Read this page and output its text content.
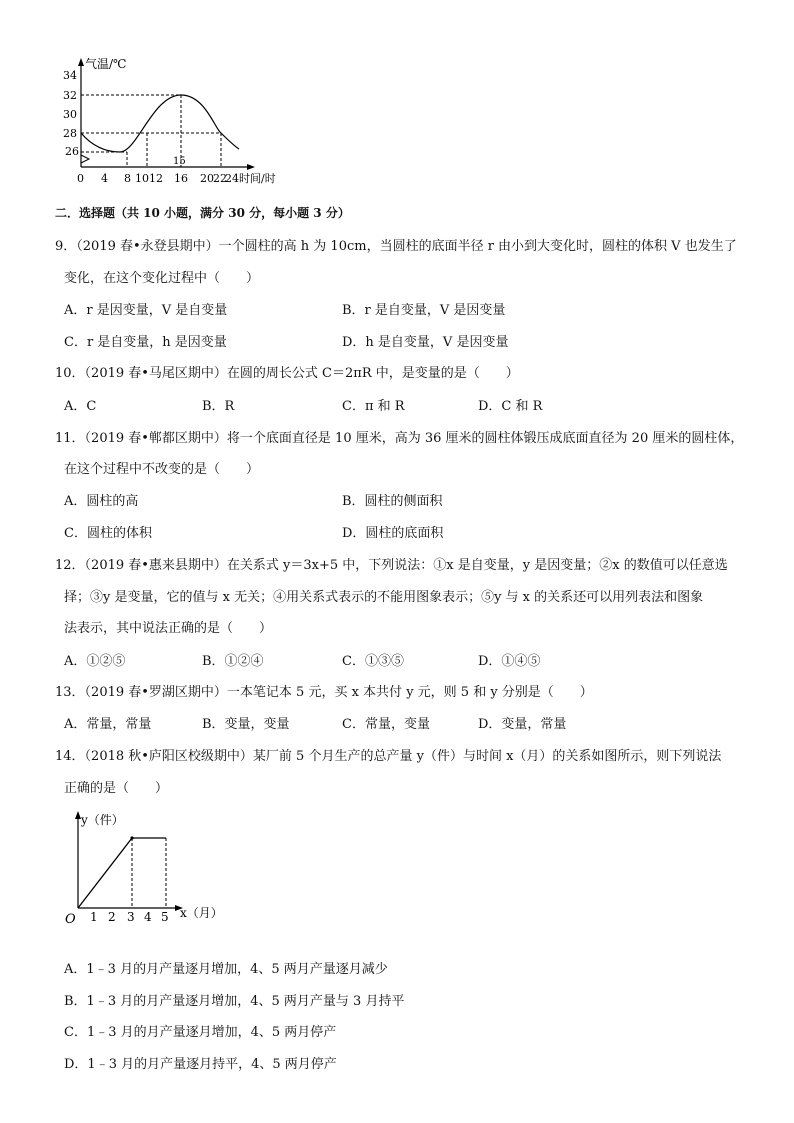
34
32
30
28
26
气温/℃
15
0 4 8 10 12 16 20 22
24 时间/时
二．选择题（共 10 小题，满分 30 分，每小题 3 分）
9．（2019 春•永登县期中）一个圆柱的高 h 为 10cm，当圆柱的底面半径 r 由小到大变化时，圆柱的体积 V 也发生了
变化，在这个变化过程中（　　）
A．r 是因变量，V 是自变量	B．r 是自变量，V 是因变量
C．r 是自变量，h 是因变量	D．h 是自变量，V 是因变量
10．（2019 春•马尾区期中）在圆的周长公式 C＝2πR 中，是变量的是（　　）
A．C	B．R	C．π 和 R	D．C 和 R
11．（2019 春•郸都区期中）将一个底面直径是 10 厘米，高为 36 厘米的圆柱体锻压成底面直径为 20 厘米的圆柱体，
在这个过程中不改变的是（　　）
A．圆柱的高	B．圆柱的侧面积
C．圆柱的体积	D．圆柱的底面积
12．（2019 春•惠来县期中）在关系式 y＝3x+5 中，下列说法：①x 是自变量，y 是因变量；②x 的数值可以任意选
择；③y 是变量，它的值与 x 无关；④用关系式表示的不能用图象表示；⑤y 与 x 的关系还可以用列表法和图象
法表示，其中说法正确的是（　　）
A．①②⑤	B．①②④	C．①③⑤	D．①④⑤
13．（2019 春•罗湖区期中）一本笔记本 5 元，买 x 本共付 y 元，则 5 和 y 分别是（　　）
A．常量，常量	B．变量，变量	C．常量，变量	D．变量，常量
14．（2018 秋•庐阳区校级期中）某厂前 5 个月生产的总产量 y（件）与时间 x（月）的关系如图所示，则下列说法
正确的是（　　）
y（件）
O 1 2 3 4 5 x（月）
A．1﹣3 月的月产量逐月增加，4、5 两月产量逐月减少
B．1﹣3 月的月产量逐月增加，4、5 两月产量与 3 月持平
C．1﹣3 月的月产量逐月增加，4、5 两月停产
D．1﹣3 月的月产量逐月持平，4、5 两月停产
